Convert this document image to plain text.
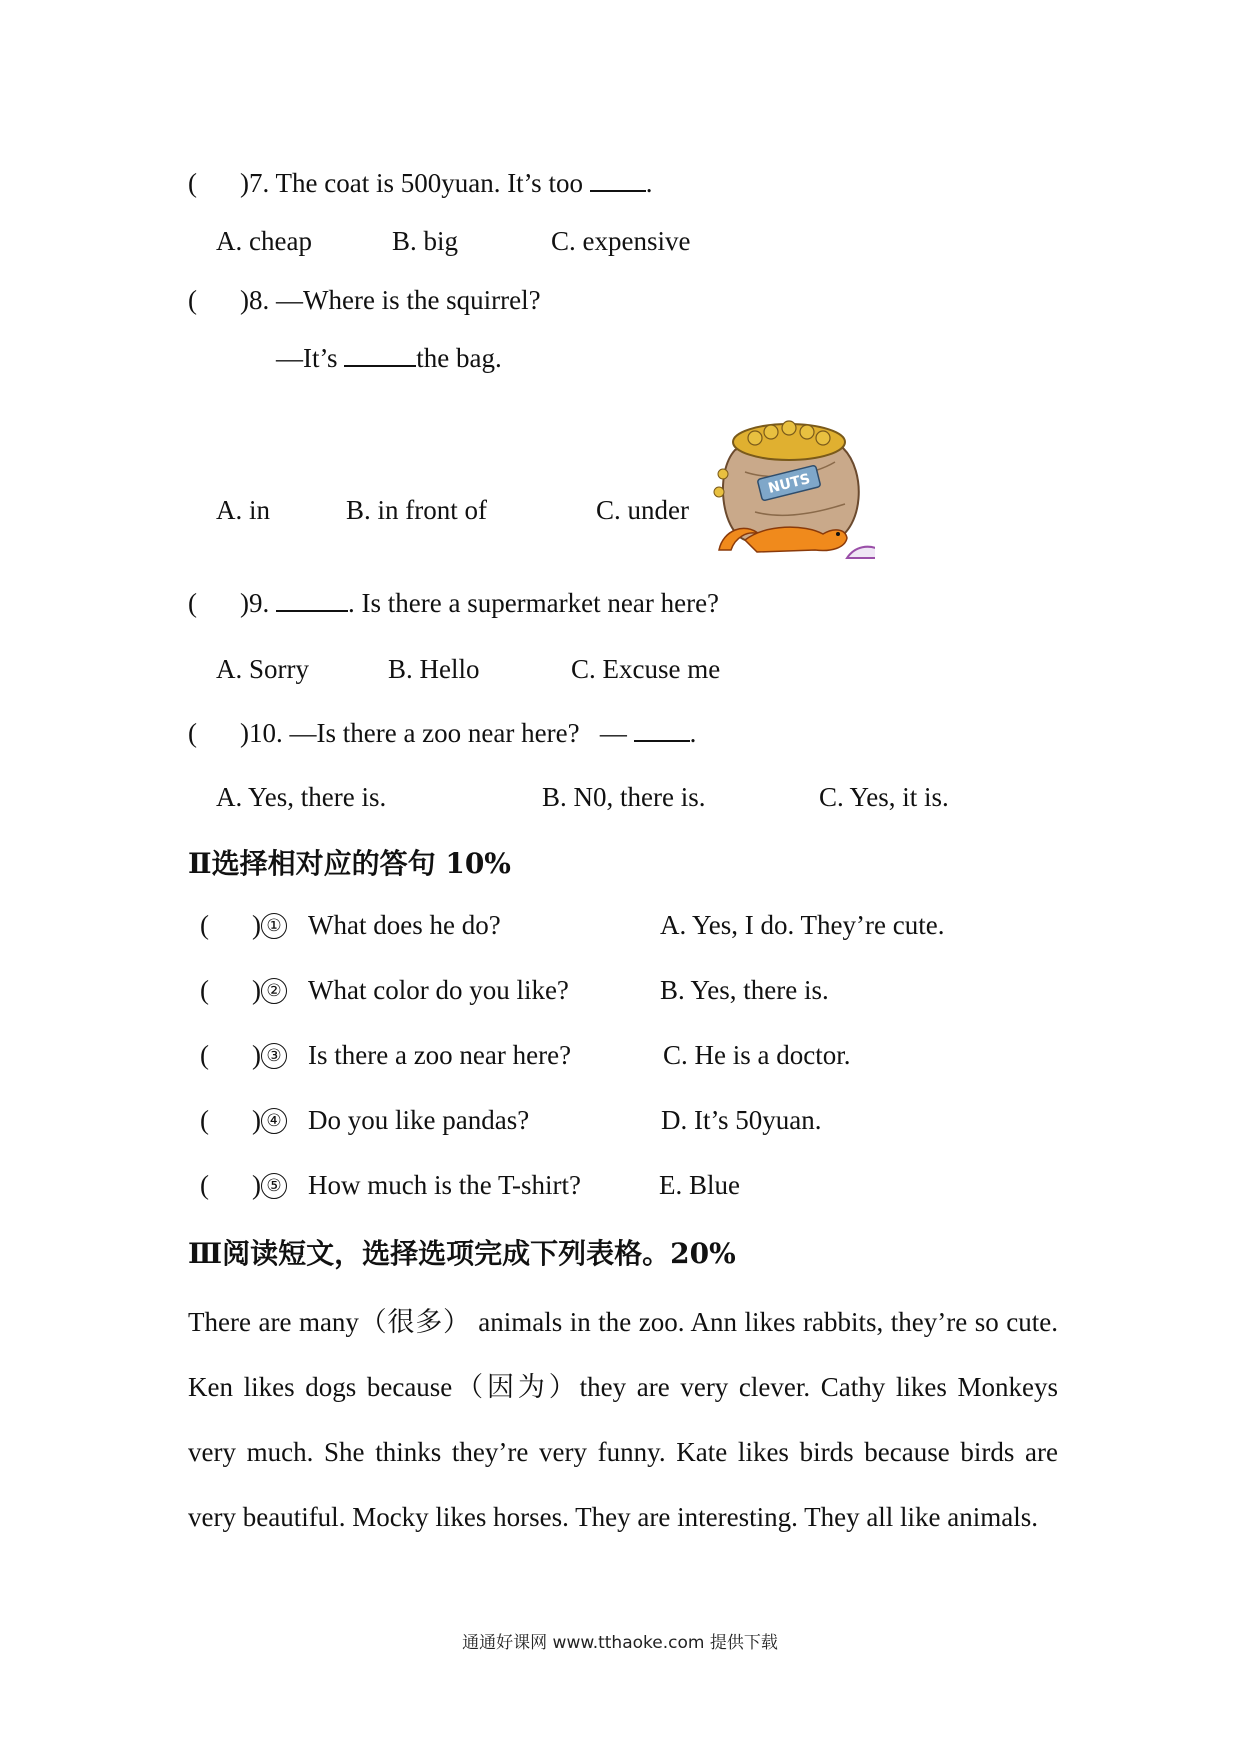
( )7. The coat is 500yuan. It’s too .
A. cheap	B. big	C. expensive
( )8. —Where is the squirrel?
—It’s	the bag.
NUTS
A. in	B. in front of	C. under
( )9.	. Is there a supermarket near here?
A. Sorry	B. Hello	C. Excuse me
( )10. —Is there a zoo near here?   — .
A. Yes, there is.	B. N0, there is.	C. Yes, it is.
Ⅱ选择相对应的答句 10%
( ) ① What does he do?	A. Yes, I do. They’re cute.
( ) ② What color do you like?	B. Yes, there is.
( ) ③ Is there a zoo near here?	C. He is a doctor.
( ) ④ Do you like pandas?	D. It’s 50yuan.
( ) ⑤ How much is the T-shirt?	E. Blue
Ⅲ阅读短文，选择选项完成下列表格。20%
There are many（很多） animals in the zoo. Ann likes rabbits, they’re so cute. Ken likes dogs because（因为）they are very clever. Cathy likes Monkeys very much. She thinks they’re very funny. Kate likes birds because birds are very beautiful. Mocky likes horses. They are interesting. They all like animals.
通通好课网 www.tthaoke.com 提供下载
